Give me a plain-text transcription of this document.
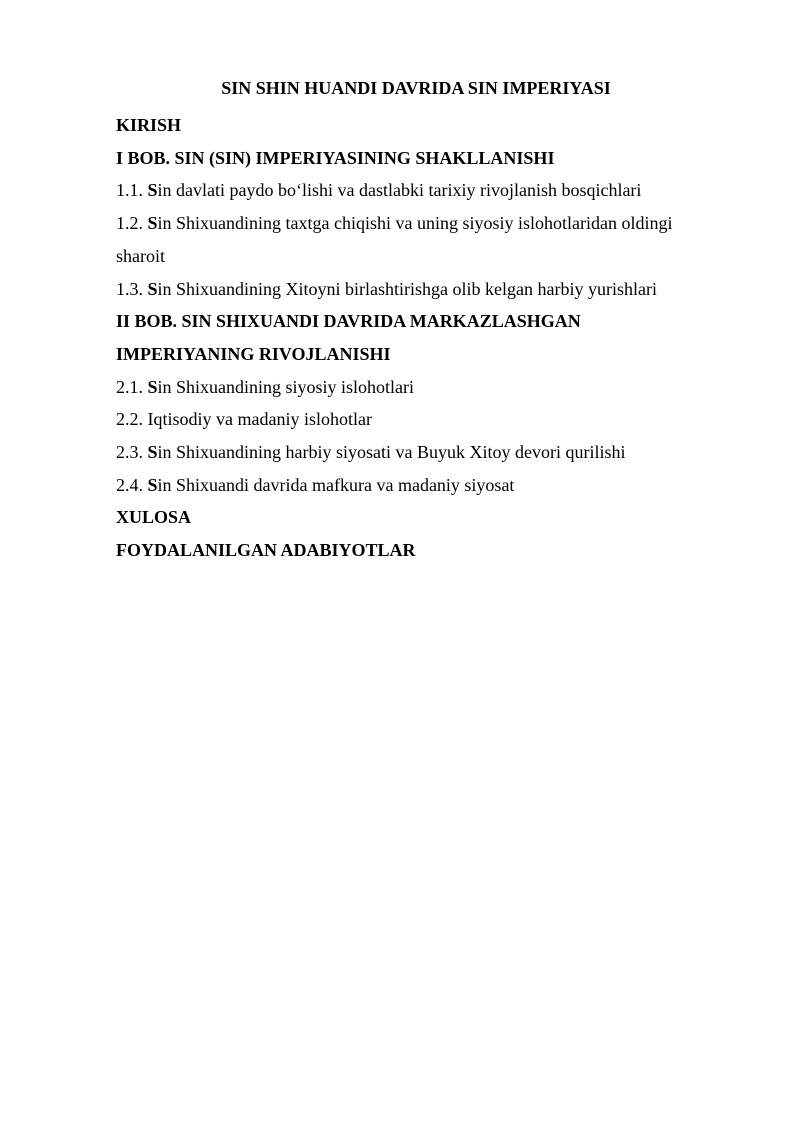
SIN SHIN HUANDI DAVRIDA SIN IMPERIYASI

KIRISH

I BOB. SIN (SIN) IMPERIYASINING SHAKLLANISHI

1.1. Sin davlati paydo bo‘lishi va dastlabki tarixiy rivojlanish bosqichlari

1.2. Sin Shixuandining taxtga chiqishi va uning siyosiy islohotlaridan oldingi sharoit

1.3. Sin Shixuandining Xitoyni birlashtirishga olib kelgan harbiy yurishlari

II BOB. SIN SHIXUANDI DAVRIDA MARKAZLASHGAN

IMPERIYANING RIVOJLANISHI

2.1. Sin Shixuandining siyosiy islohotlari

2.2. Iqtisodiy va madaniy islohotlar

2.3. Sin Shixuandining harbiy siyosati va Buyuk Xitoy devori qurilishi

2.4. Sin Shixuandi davrida mafkura va madaniy siyosat

XULOSA

FOYDALANILGAN ADABIYOTLAR
